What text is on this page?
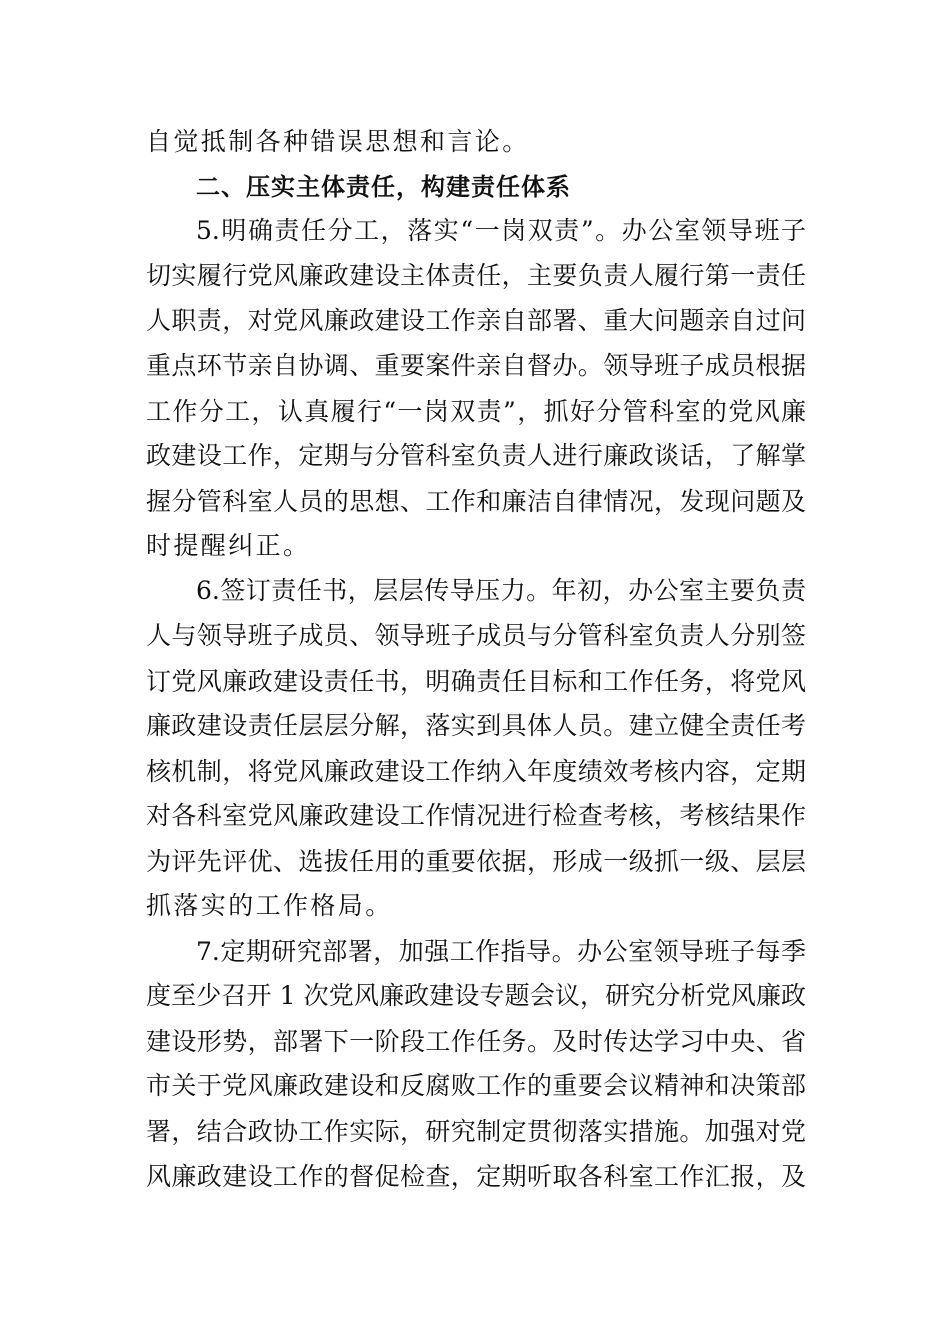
自觉抵制各种错误思想和言论。
二、压实主体责任，构建责任体系
5.明确责任分工，落实“一岗双责”。办公室领导班子
切实履行党风廉政建设主体责任，主要负责人履行第一责任
人职责，对党风廉政建设工作亲自部署、重大问题亲自过问
重点环节亲自协调、重要案件亲自督办。领导班子成员根据
工作分工，认真履行“一岗双责”，抓好分管科室的党风廉
政建设工作，定期与分管科室负责人进行廉政谈话，了解掌
握分管科室人员的思想、工作和廉洁自律情况，发现问题及
时提醒纠正。
6.签订责任书，层层传导压力。年初，办公室主要负责
人与领导班子成员、领导班子成员与分管科室负责人分别签
订党风廉政建设责任书，明确责任目标和工作任务，将党风
廉政建设责任层层分解，落实到具体人员。建立健全责任考
核机制，将党风廉政建设工作纳入年度绩效考核内容，定期
对各科室党风廉政建设工作情况进行检查考核，考核结果作
为评先评优、选拔任用的重要依据，形成一级抓一级、层层
抓落实的工作格局。
7.定期研究部署，加强工作指导。办公室领导班子每季
度至少召开 1 次党风廉政建设专题会议，研究分析党风廉政
建设形势，部署下一阶段工作任务。及时传达学习中央、省
市关于党风廉政建设和反腐败工作的重要会议精神和决策部
署，结合政协工作实际，研究制定贯彻落实措施。加强对党
风廉政建设工作的督促检查，定期听取各科室工作汇报，及
